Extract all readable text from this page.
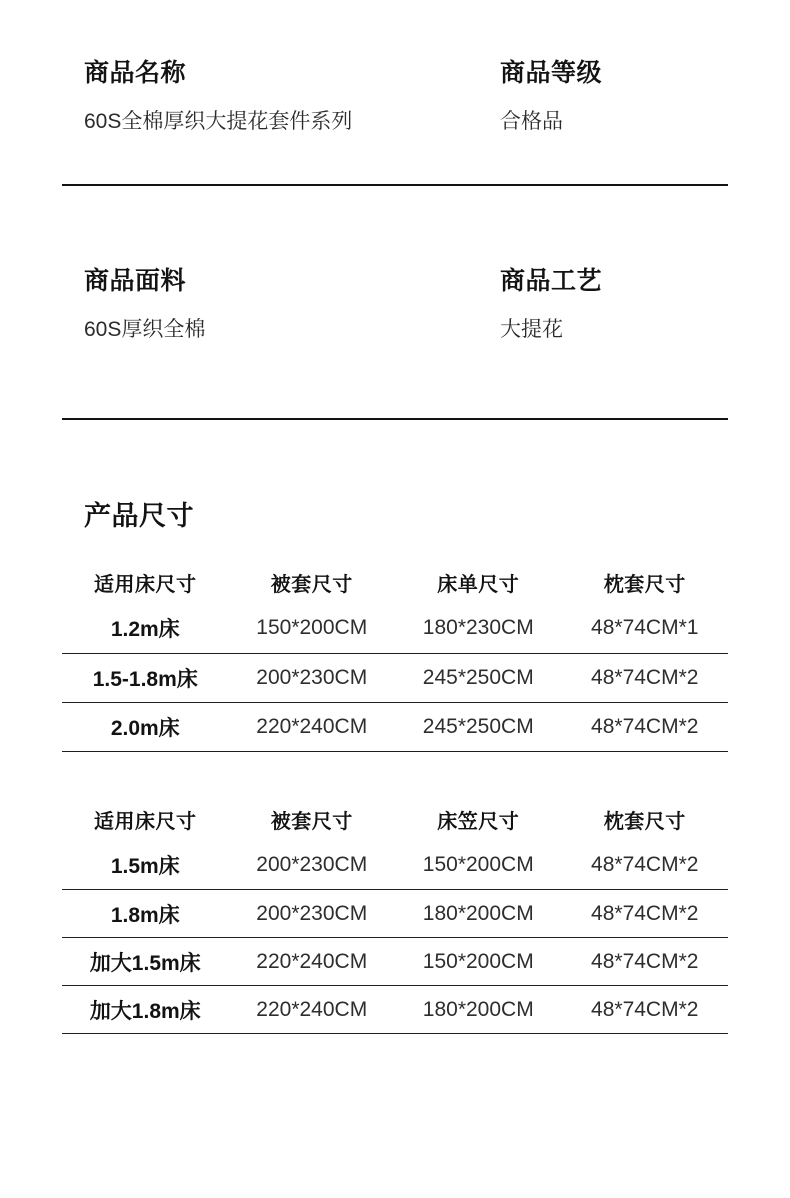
商品名称
60S全棉厚织大提花套件系列
商品等级
合格品
商品面料
60S厚织全棉
商品工艺
大提花
产品尺寸
适用床尺寸	被套尺寸	床单尺寸	枕套尺寸
1.2m床	150*200CM	180*230CM	48*74CM*1
1.5-1.8m床	200*230CM	245*250CM	48*74CM*2
2.0m床	220*240CM	245*250CM	48*74CM*2
适用床尺寸	被套尺寸	床笠尺寸	枕套尺寸
1.5m床	200*230CM	150*200CM	48*74CM*2
1.8m床	200*230CM	180*200CM	48*74CM*2
加大1.5m床	220*240CM	150*200CM	48*74CM*2
加大1.8m床	220*240CM	180*200CM	48*74CM*2
